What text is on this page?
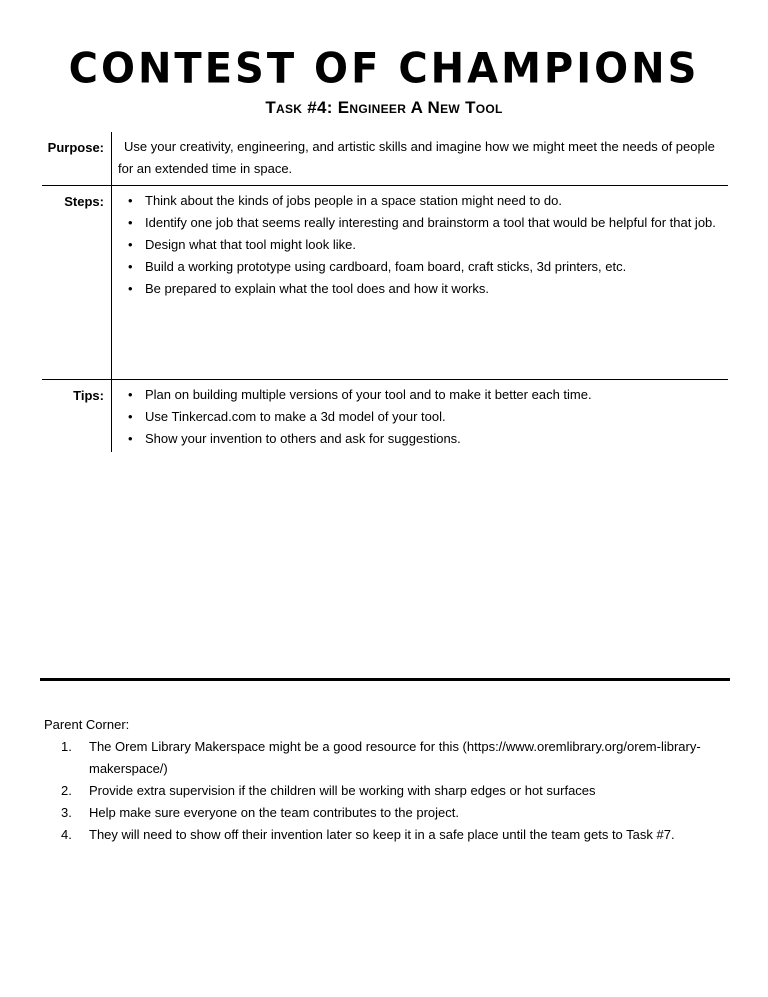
CONTEST OF CHAMPIONS
Task #4: Engineer A New Tool
Purpose:	Use your creativity, engineering, and artistic skills and imagine how we might meet the needs of people for an extended time in space.
Steps:	• Think about the kinds of jobs people in a space station might need to do.
• Identify one job that seems really interesting and brainstorm a tool that would be helpful for that job.
• Design what that tool might look like.
• Build a working prototype using cardboard, foam board, craft sticks, 3d printers, etc.
• Be prepared to explain what the tool does and how it works.
Tips:	• Plan on building multiple versions of your tool and to make it better each time.
• Use Tinkercad.com to make a 3d model of your tool.
• Show your invention to others and ask for suggestions.
Parent Corner:
1. The Orem Library Makerspace might be a good resource for this (https://www.oremlibrary.org/orem-library-makerspace/)
2. Provide extra supervision if the children will be working with sharp edges or hot surfaces
3. Help make sure everyone on the team contributes to the project.
4. They will need to show off their invention later so keep it in a safe place until the team gets to Task #7.
